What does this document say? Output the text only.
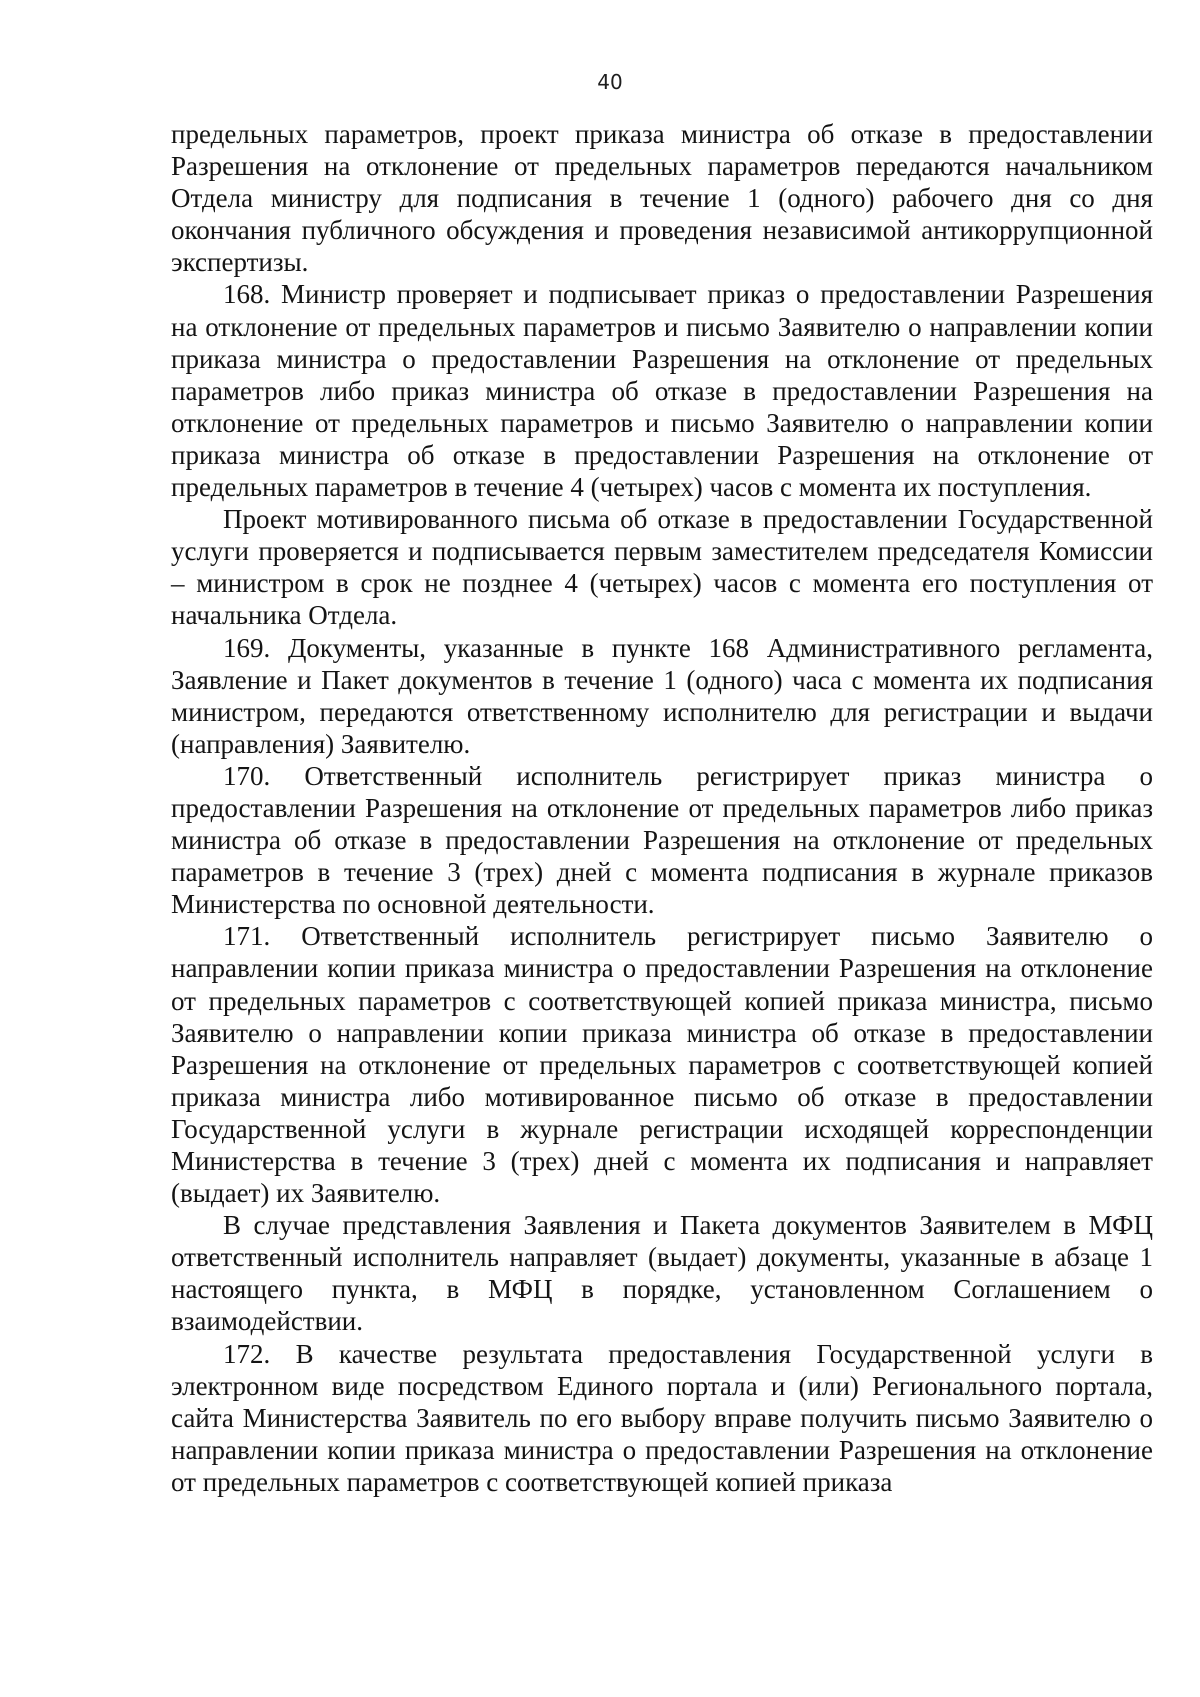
40

предельных параметров, проект приказа министра об отказе в предоставлении Разрешения на отклонение от предельных параметров передаются начальником Отдела министру для подписания в течение 1 (одного) рабочего дня со дня окончания публичного обсуждения и проведения независимой антикоррупционной экспертизы.

168. Министр проверяет и подписывает приказ о предоставлении Разрешения на отклонение от предельных параметров и письмо Заявителю о направлении копии приказа министра о предоставлении Разрешения на отклонение от предельных параметров либо приказ министра об отказе в предоставлении Разрешения на отклонение от предельных параметров и письмо Заявителю о направлении копии приказа министра об отказе в предоставлении Разрешения на отклонение от предельных параметров в течение 4 (четырех) часов с момента их поступления.

Проект мотивированного письма об отказе в предоставлении Государственной услуги проверяется и подписывается первым заместителем председателя Комиссии – министром в срок не позднее 4 (четырех) часов с момента его поступления от начальника Отдела.

169. Документы, указанные в пункте 168 Административного регламента, Заявление и Пакет документов в течение 1 (одного) часа с момента их подписания министром, передаются ответственному исполнителю для регистрации и выдачи (направления) Заявителю.

170. Ответственный исполнитель регистрирует приказ министра о предоставлении Разрешения на отклонение от предельных параметров либо приказ министра об отказе в предоставлении Разрешения на отклонение от предельных параметров в течение 3 (трех) дней с момента подписания в журнале приказов Министерства по основной деятельности.

171. Ответственный исполнитель регистрирует письмо Заявителю о направлении копии приказа министра о предоставлении Разрешения на отклонение от предельных параметров с соответствующей копией приказа министра, письмо Заявителю о направлении копии приказа министра об отказе в предоставлении Разрешения на отклонение от предельных параметров с соответствующей копией приказа министра либо мотивированное письмо об отказе в предоставлении Государственной услуги в журнале регистрации исходящей корреспонденции Министерства в течение 3 (трех) дней с момента их подписания и направляет (выдает) их Заявителю.

В случае представления Заявления и Пакета документов Заявителем в МФЦ ответственный исполнитель направляет (выдает) документы, указанные в абзаце 1 настоящего пункта, в МФЦ в порядке, установленном Соглашением о взаимодействии.

172. В качестве результата предоставления Государственной услуги в электронном виде посредством Единого портала и (или) Регионального портала, сайта Министерства Заявитель по его выбору вправе получить письмо Заявителю о направлении копии приказа министра о предоставлении Разрешения на отклонение от предельных параметров с соответствующей копией приказа
